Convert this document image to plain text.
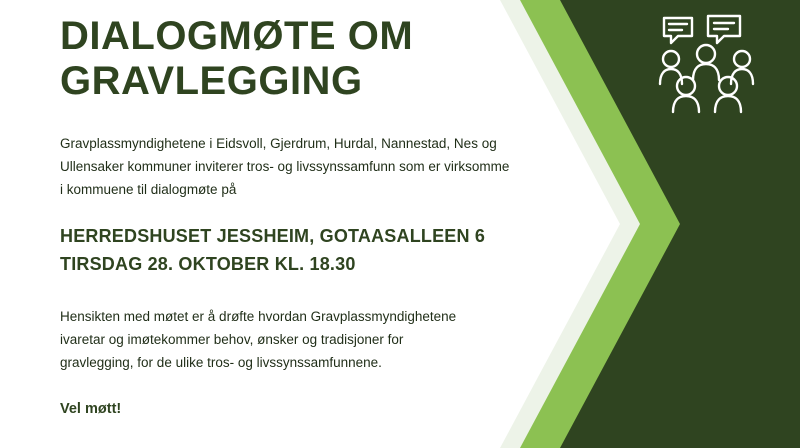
DIALOGMØTE OM GRAVLEGGING

Gravplassmyndighetene i Eidsvoll, Gjerdrum, Hurdal, Nannestad, Nes og Ullensaker kommuner inviterer tros- og livssynssamfunn som er virksomme i kommuene til dialogmøte på

HERREDSHUSET JESSHEIM, GOTAASALLEEN 6
TIRSDAG 28. OKTOBER KL. 18.30

Hensikten med møtet er å drøfte hvordan Gravplassmyndighetene ivaretar og imøtekommer behov, ønsker og tradisjoner for gravlegging, for de ulike tros- og livssynssamfunnene.

Vel møtt!
